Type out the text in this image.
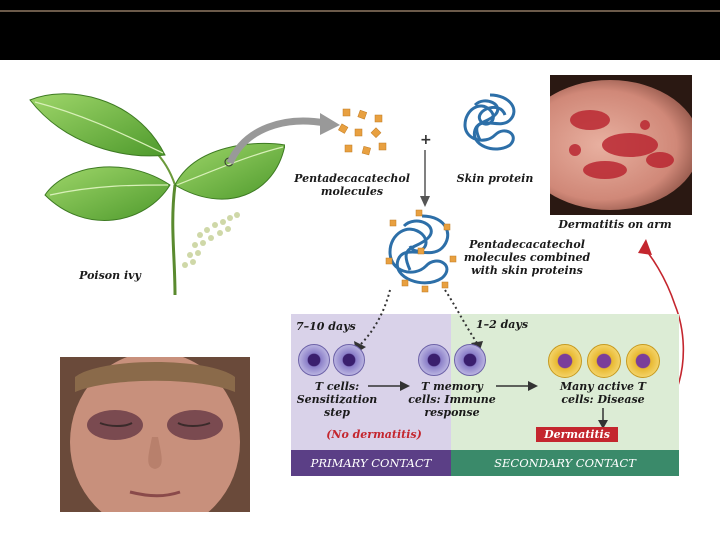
+
Pentadecacatechol molecules
Skin protein
Dermatitis on arm
Pentadecacatechol molecules combined with skin proteins
Poison ivy
7–10 days	1–2 days
T cells: Sensitization step
T memory cells: Immune response
Many active T cells: Disease
(No dermatitis)	Dermatitis
PRIMARY CONTACT	SECONDARY CONTACT
